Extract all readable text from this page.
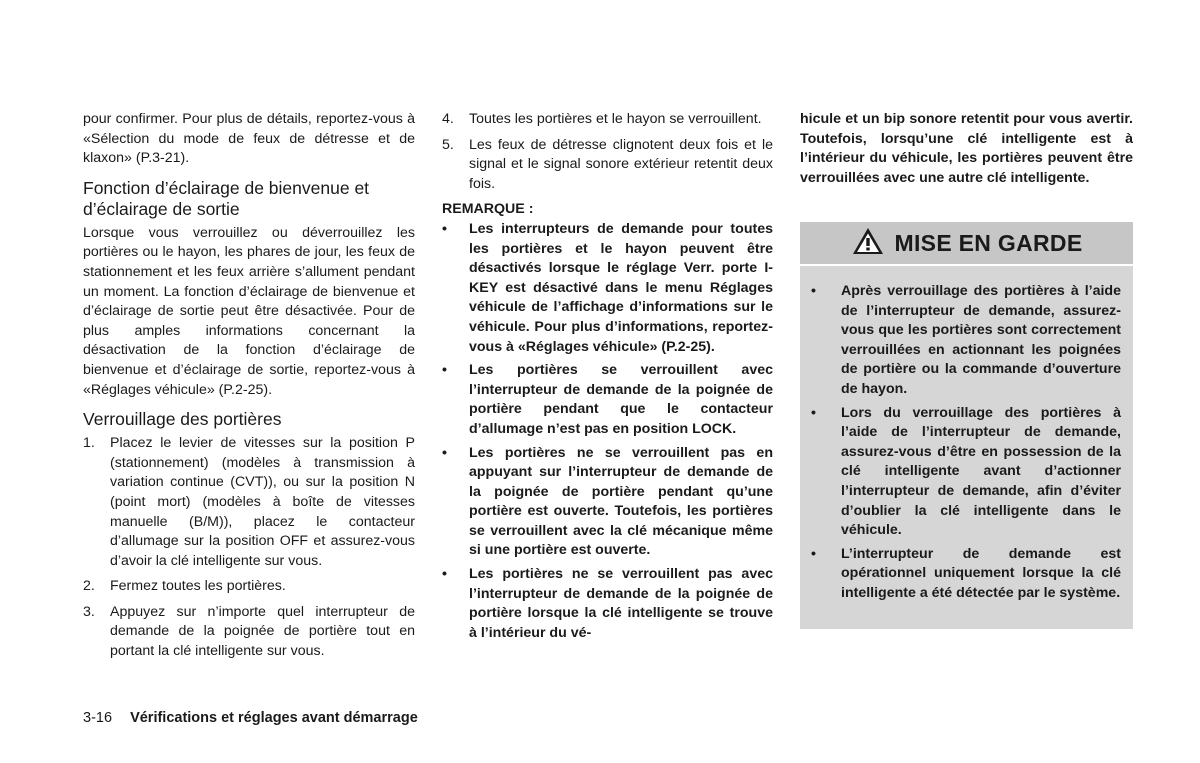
pour confirmer. Pour plus de détails, reportez-vous à «Sélection du mode de feux de détresse et de klaxon» (P.3-21).

Fonction d’éclairage de bienvenue et d’éclairage de sortie

Lorsque vous verrouillez ou déverrouillez les portières ou le hayon, les phares de jour, les feux de stationnement et les feux arrière s’allument pendant un moment. La fonction d’éclairage de bienvenue et d’éclairage de sortie peut être désactivée. Pour de plus amples informations concernant la désactivation de la fonction d’éclairage de bienvenue et d’éclairage de sortie, reportez-vous à «Réglages véhicule» (P.2-25).

Verrouillage des portières
1.	Placez le levier de vitesses sur la position P (stationnement) (modèles à transmission à variation continue (CVT)), ou sur la position N (point mort) (modèles à boîte de vitesses manuelle (B/M)), placez le contacteur d’allumage sur la position OFF et assurez-vous d’avoir la clé intelligente sur vous.
2.	Fermez toutes les portières.
3.	Appuyez sur n’importe quel interrupteur de demande de la poignée de portière tout en portant la clé intelligente sur vous.
4.	Toutes les portières et le hayon se verrouillent.
5.	Les feux de détresse clignotent deux fois et le signal et le signal sonore extérieur retentit deux fois.
REMARQUE :
•	Les interrupteurs de demande pour toutes les portières et le hayon peuvent être désactivés lorsque le réglage Verr. porte I-KEY est désactivé dans le menu Réglages véhicule de l’affichage d’informations sur le véhicule. Pour plus d’informations, reportez-vous à «Réglages véhicule» (P.2-25).
•	Les portières se verrouillent avec l’interrupteur de demande de la poignée de portière pendant que le contacteur d’allumage n’est pas en position LOCK.
•	Les portières ne se verrouillent pas en appuyant sur l’interrupteur de demande de la poignée de portière pendant qu’une portière est ouverte. Toutefois, les portières se verrouillent avec la clé mécanique même si une portière est ouverte.
•	Les portières ne se verrouillent pas avec l’interrupteur de demande de la poignée de portière lorsque la clé intelligente se trouve à l’intérieur du vé-

hicule et un bip sonore retentit pour vous avertir. Toutefois, lorsqu’une clé intelligente est à l’intérieur du véhicule, les portières peuvent être verrouillées avec une autre clé intelligente.

MISE EN GARDE
•	Après verrouillage des portières à l’aide de l’interrupteur de demande, assurez-vous que les portières sont correctement verrouillées en actionnant les poignées de portière ou la commande d’ouverture de hayon.
•	Lors du verrouillage des portières à l’aide de l’interrupteur de demande, assurez-vous d’être en possession de la clé intelligente avant d’actionner l’interrupteur de demande, afin d’éviter d’oublier la clé intelligente dans le véhicule.
•	L’interrupteur de demande est opérationnel uniquement lorsque la clé intelligente a été détectée par le système.
3-16 Vérifications et réglages avant démarrage
